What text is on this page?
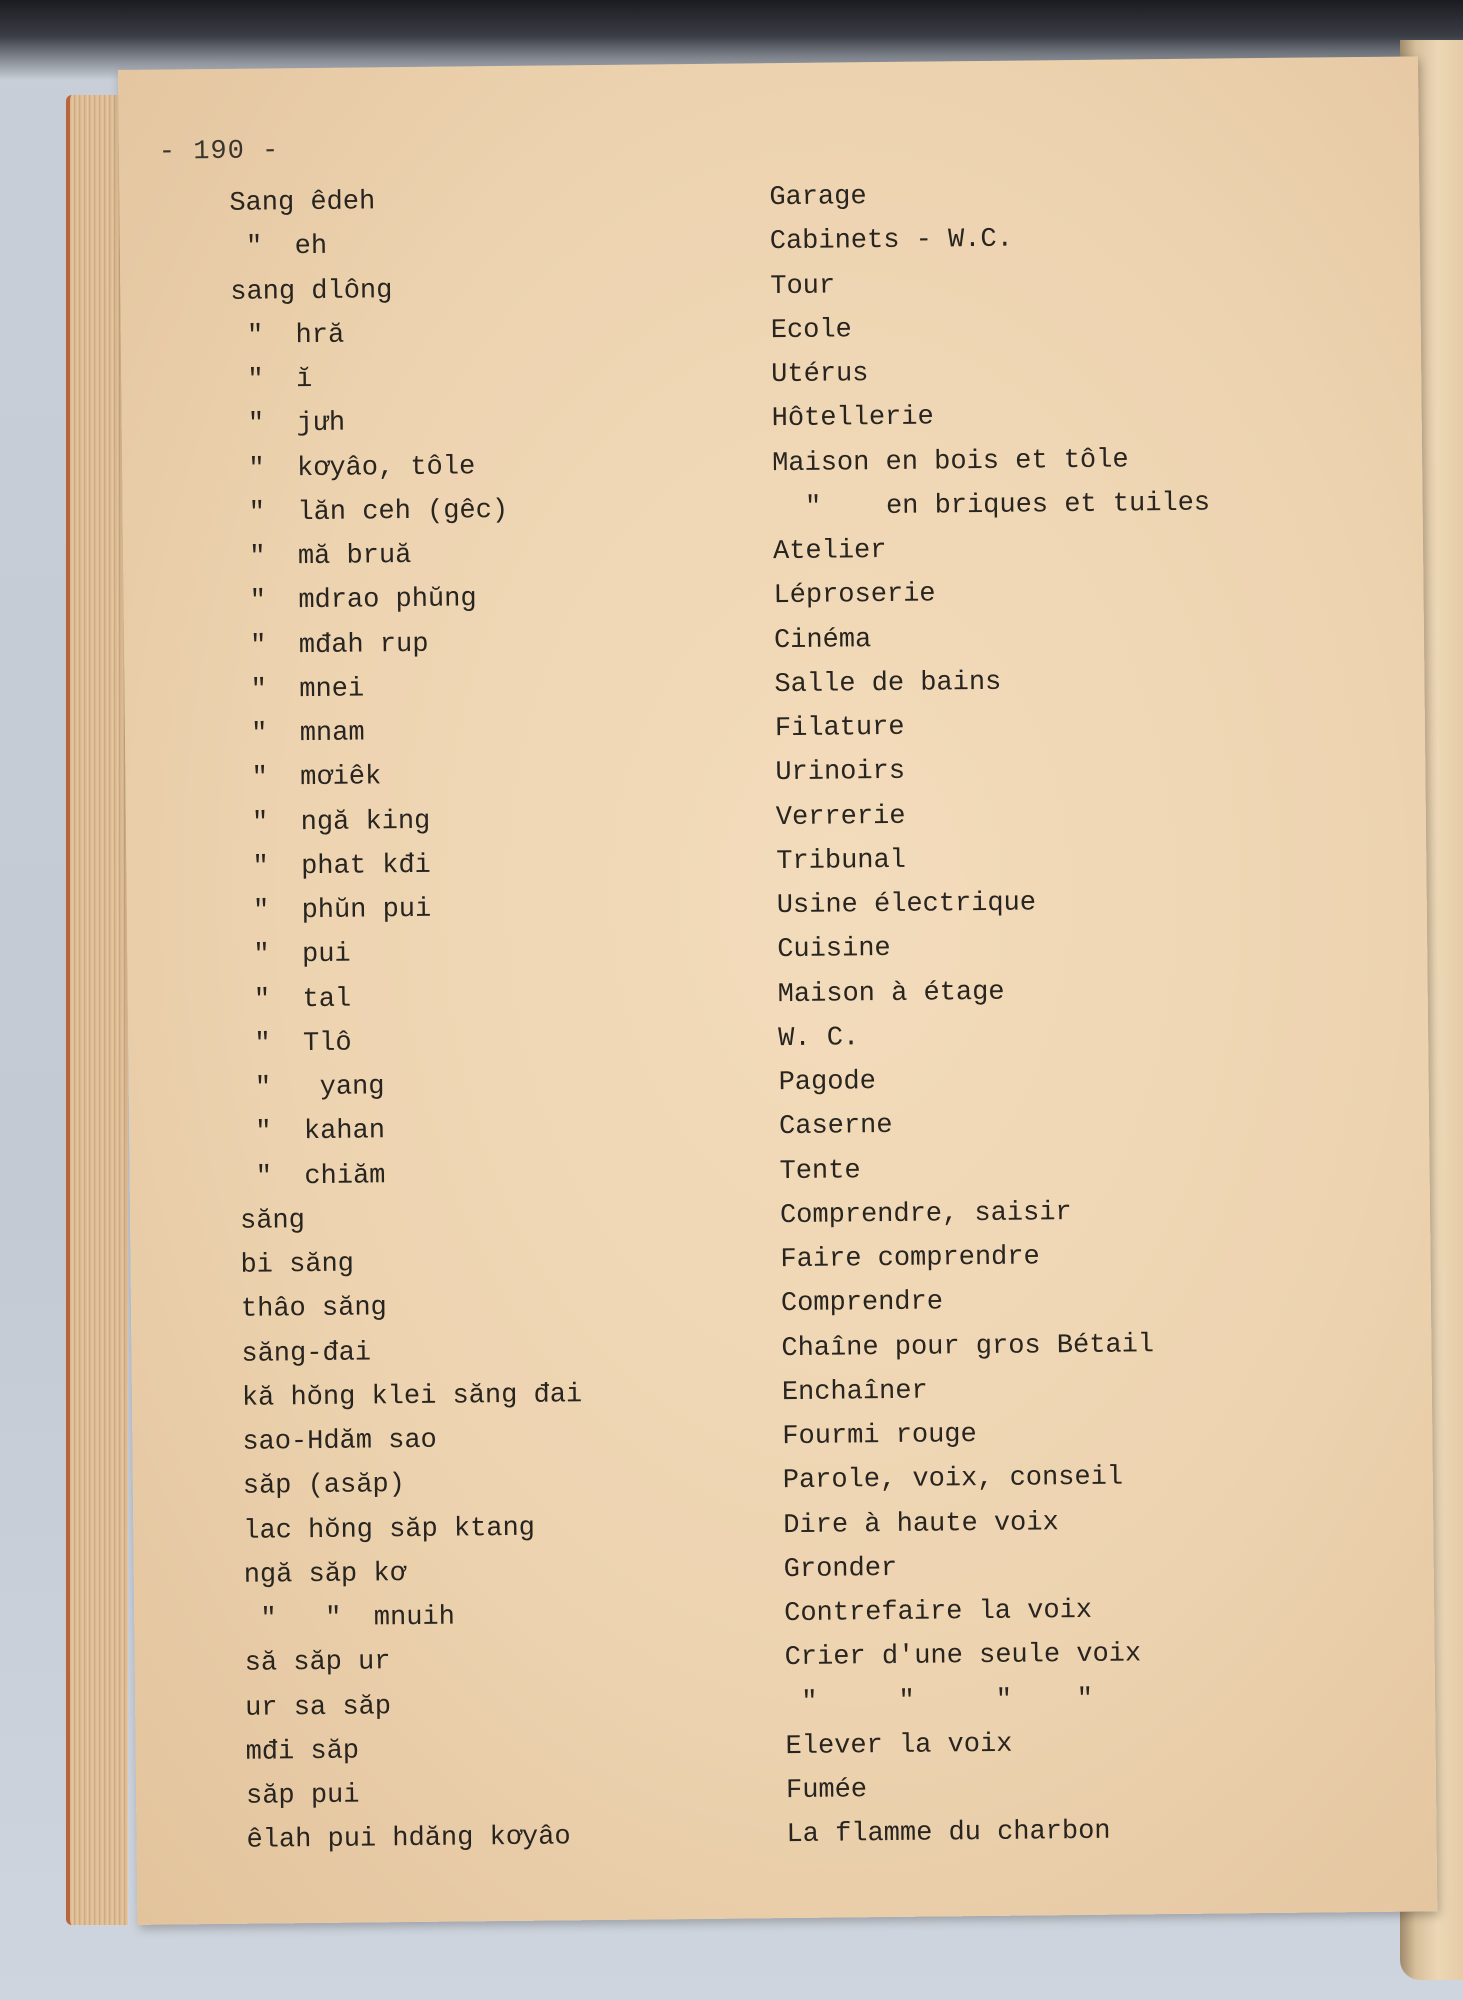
- 190 -
Sang êdeh	Garage
"  eh	Cabinets - W.C.
sang dlông	Tour
"  hră	Ecole
"  ĭ	Utérus
"  jưh	Hôtellerie
"  kơyâo, tôle	Maison en bois et tôle
"  lăn ceh (gêc)	"    en briques et tuiles
"  mă bruă	Atelier
"  mdrao phŭng	Léproserie
"  mđah rup	Cinéma
"  mnei	Salle de bains
"  mnam	Filature
"  mơiêk	Urinoirs
"  ngă king	Verrerie
"  phat kđi	Tribunal
"  phŭn pui	Usine électrique
"  pui	Cuisine
"  tal	Maison à étage
"  Tlô	W. C.
"   yang	Pagode
"  kahan	Caserne
"  chiăm	Tente
săng	Comprendre, saisir
bi săng	Faire comprendre
thâo săng	Comprendre
săng-đai	Chaîne pour gros Bétail
kă hŏng klei săng đai	Enchaîner
sao-Hdăm sao	Fourmi rouge
săp (asăp)	Parole, voix, conseil
lac hŏng săp ktang	Dire à haute voix
ngă săp kơ	Gronder
"   "  mnuih	Contrefaire la voix
să săp ur	Crier d'une seule voix
ur sa săp	"     "     "    "
mđi săp	Elever la voix
săp pui	Fumée
êlah pui hdăng kơyâo	La flamme du charbon
